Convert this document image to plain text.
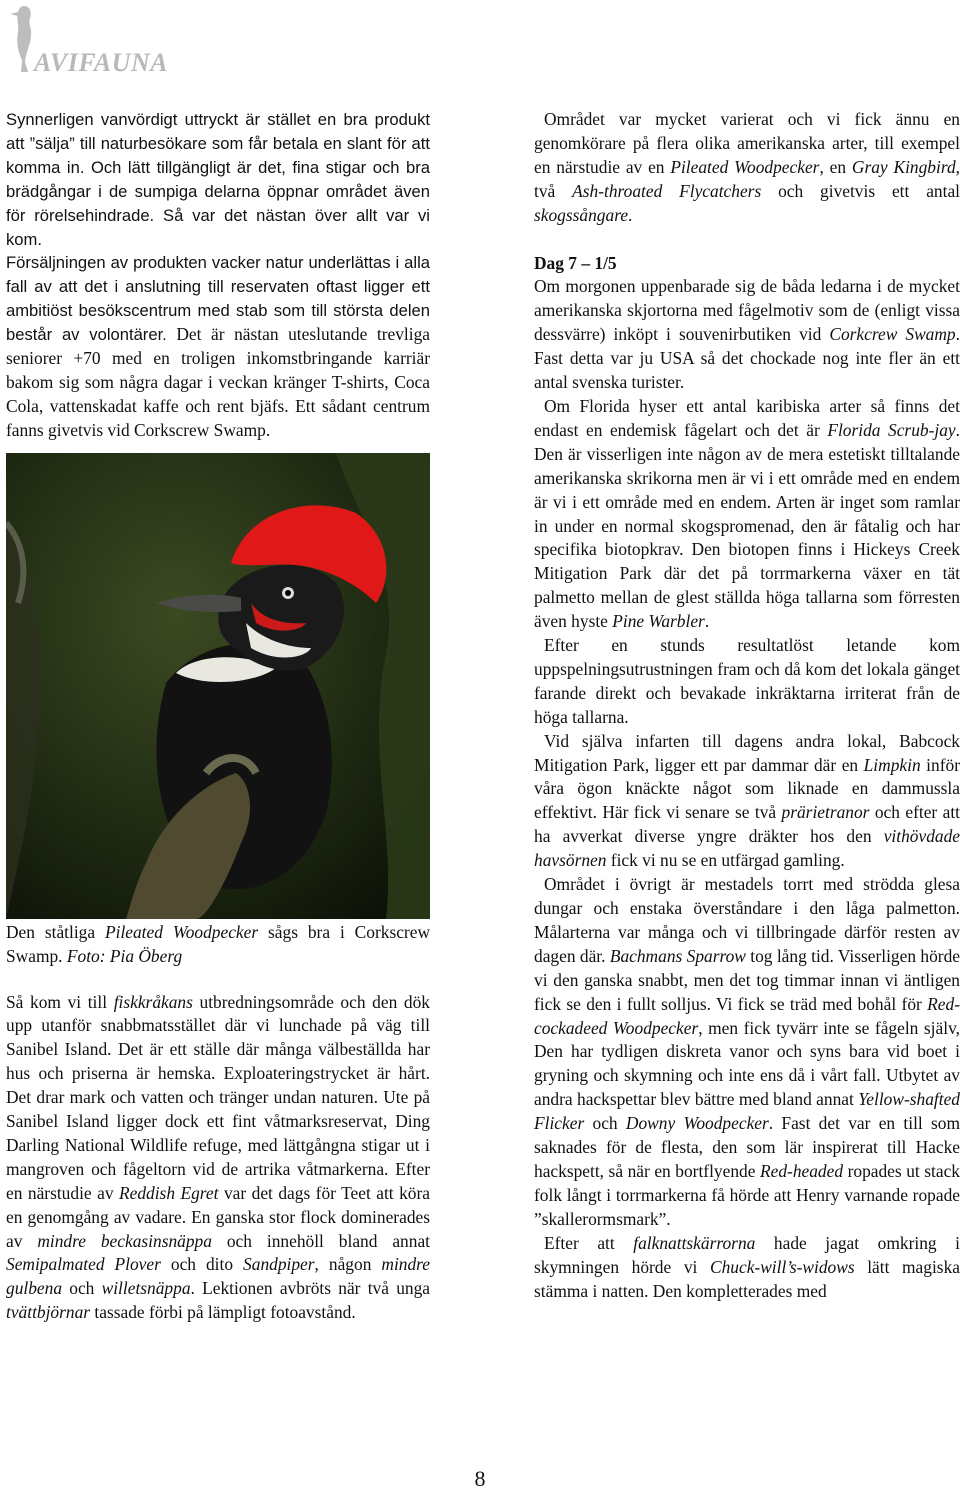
AVIFAUNA

Synnerligen vanvördigt uttryckt är stället en bra produkt att ”sälja” till naturbesökare som får betala en slant för att komma in. Och lätt tillgängligt är det, fina stigar och bra brädgångar i de sumpiga delarna öppnar området även för rörelsehindrade. Så var det nästan över allt var vi kom.

Försäljningen av produkten vacker natur underlättas i alla fall av att det i anslutning till reservaten oftast ligger ett ambitiöst besökscentrum med stab som till största delen består av volontärer. Det är nästan uteslutande trevliga seniorer +70 med en troligen inkomstbringande karriär bakom sig som några dagar i veckan kränger T-shirts, Coca Cola, vattenskadat kaffe och rent bjäfs. Ett sådant centrum fanns givetvis vid Corkscrew Swamp.

Den ståtliga Pileated Woodpecker sågs bra i Corkscrew Swamp. Foto: Pia Öberg

Så kom vi till fiskkråkans utbredningsområde och den dök upp utanför snabbmatsstället där vi lunchade på väg till Sanibel Island. Det är ett ställe där många välbeställda har hus och priserna är hemska. Exploateringstrycket är hårt. Det drar mark och vatten och tränger undan naturen. Ute på Sanibel Island ligger dock ett fint våtmarksreservat, Ding Darling National Wildlife refuge, med lättgångna stigar ut i mangroven och fågeltorn vid de artrika våtmarkerna. Efter en närstudie av Reddish Egret var det dags för Teet att köra en genomgång av vadare. En ganska stor flock dominerades av mindre beckasinsnäppa och innehöll bland annat Semipalmated Plover och dito Sandpiper, någon mindre gulbena och willetsnäppa. Lektionen avbröts när två unga tvättbjörnar tassade förbi på lämpligt fotoavstånd.

Området var mycket varierat och vi fick ännu en genomkörare på flera olika amerikanska arter, till exempel en närstudie av en Pileated Woodpecker, en Gray Kingbird, två Ash-throated Flycatchers och givetvis ett antal skogssångare.

Dag 7 – 1/5

Om morgonen uppenbarade sig de båda ledarna i de mycket amerikanska skjortorna med fågelmotiv som de (enligt vissa dessvärre) inköpt i souvenirbutiken vid Corkcrew Swamp. Fast detta var ju USA så det chockade nog inte fler än ett antal svenska turister.

Om Florida hyser ett antal karibiska arter så finns det endast en endemisk fågelart och det är Florida Scrub-jay. Den är visserligen inte någon av de mera estetiskt tilltalande amerikanska skrikorna men är vi i ett område med en endem är vi i ett område med en endem. Arten är inget som ramlar in under en normal skogspromenad, den är fåtalig och har specifika biotopkrav. Den biotopen finns i Hickeys Creek Mitigation Park där det på torrmarkerna växer en tät palmetto mellan de glest ställda höga tallarna som förresten även hyste Pine Warbler.

Efter en stunds resultatlöst letande kom uppspelningsutrustningen fram och då kom det lokala gänget farande direkt och bevakade inkräktarna irriterat från de höga tallarna.

Vid själva infarten till dagens andra lokal, Babcock Mitigation Park, ligger ett par dammar där en Limpkin inför våra ögon knäckte något som liknade en dammussla effektivt. Här fick vi senare se två prärietranor och efter att ha avverkat diverse yngre dräkter hos den vithövdade havsörnen fick vi nu se en utfärgad gamling.

Området i övrigt är mestadels torrt med strödda glesa dungar och enstaka överståndare i den låga palmetton. Målarterna var många och vi tillbringade därför resten av dagen där. Bachmans Sparrow tog lång tid. Visserligen hörde vi den ganska snabbt, men det tog timmar innan vi äntligen fick se den i fullt solljus. Vi fick se träd med bohål för Red-cockadeed Woodpecker, men fick tyvärr inte se fågeln själv, Den har tydligen diskreta vanor och syns bara vid boet i gryning och skymning och inte ens då i vårt fall. Utbytet av andra hackspettar blev bättre med bland annat Yellow-shafted Flicker och Downy Woodpecker. Fast det var en till som saknades för de flesta, den som lär inspirerat till Hacke hackspett, så när en bortflyende Red-headed ropades ut stack folk långt i torrmarkerna få hörde att Henry varnande ropade ”skallerormsmark”.

Efter att falknattskärrorna hade jagat omkring i skymningen hörde vi Chuck-will’s-widows lätt magiska stämma i natten. Den kompletterades med

8
